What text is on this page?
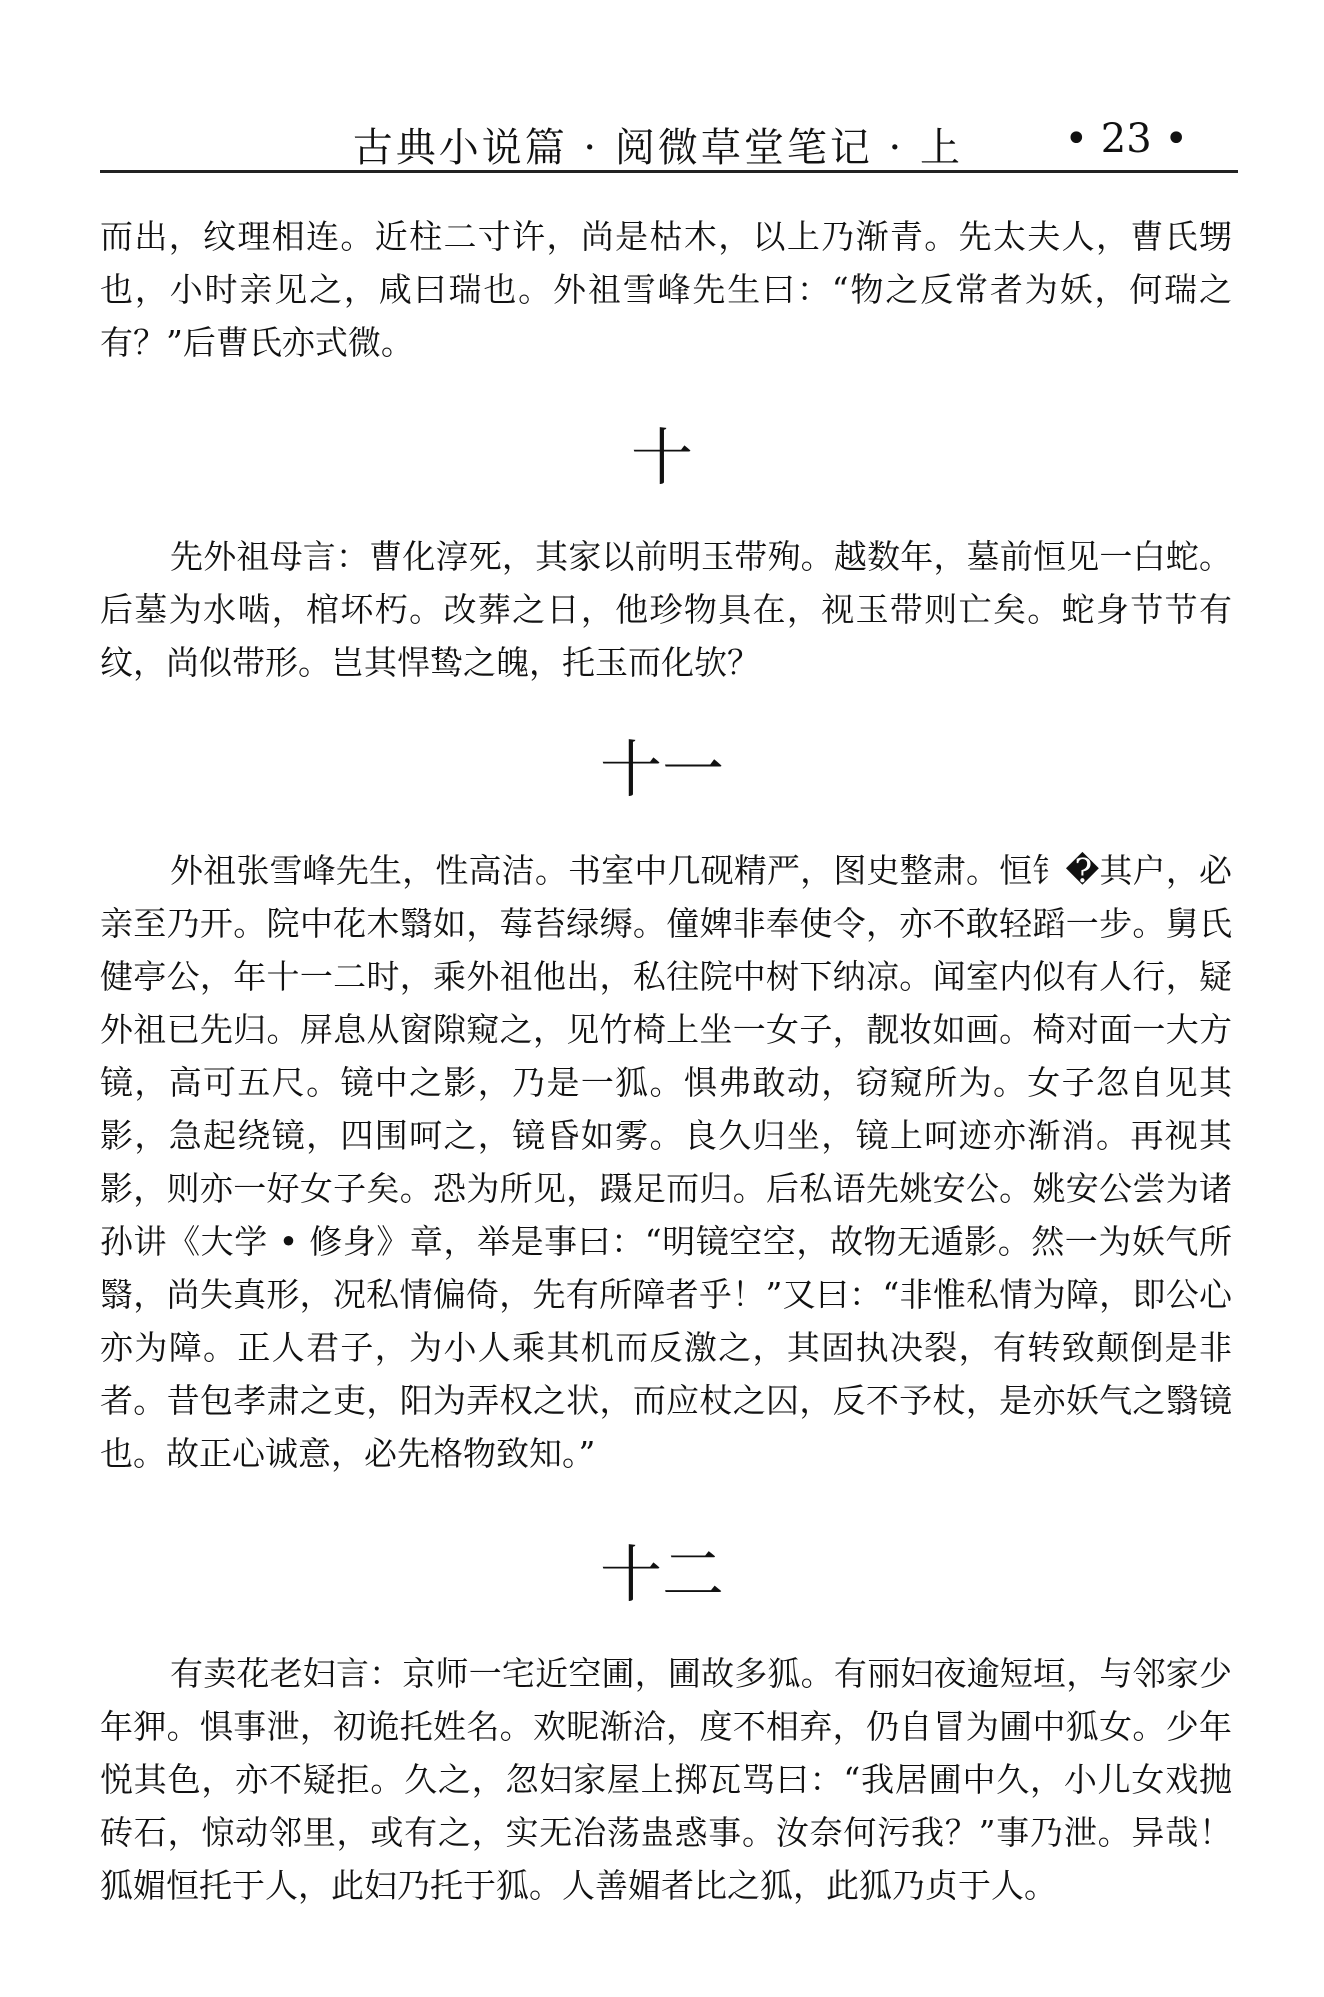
古典小说篇 · 阅微草堂笔记 · 上	• 23 •

而出，纹理相连。近柱二寸许，尚是枯木，以上乃渐青。先太夫人，曹氏甥也，小时亲见之，咸曰瑞也。外祖雪峰先生曰：“物之反常者为妖，何瑞之有？”后曹氏亦式微。

十

先外祖母言：曹化淳死，其家以前明玉带殉。越数年，墓前恒见一白蛇。后墓为水啮，棺坏朽。改葬之日，他珍物具在，视玉带则亡矣。蛇身节节有纹，尚似带形。岂其悍鸷之魄，托玉而化欤？

十一

外祖张雪峰先生，性高洁。书室中几砚精严，图史整肃。恒钅�其户，必亲至乃开。院中花木翳如，莓苔绿缛。僮婢非奉使令，亦不敢轻蹈一步。舅氏健亭公，年十一二时，乘外祖他出，私往院中树下纳凉。闻室内似有人行，疑外祖已先归。屏息从窗隙窥之，见竹椅上坐一女子，靓妆如画。椅对面一大方镜，高可五尺。镜中之影，乃是一狐。惧弗敢动，窃窥所为。女子忽自见其影，急起绕镜，四围呵之，镜昏如雾。良久归坐，镜上呵迹亦渐消。再视其影，则亦一好女子矣。恐为所见，蹑足而归。后私语先姚安公。姚安公尝为诸孙讲《大学 • 修身》章，举是事曰：“明镜空空，故物无遁影。然一为妖气所翳，尚失真形，况私情偏倚，先有所障者乎！”又曰：“非惟私情为障，即公心亦为障。正人君子，为小人乘其机而反激之，其固执决裂，有转致颠倒是非者。昔包孝肃之吏，阳为弄权之状，而应杖之囚，反不予杖，是亦妖气之翳镜也。故正心诚意，必先格物致知。”

十二

有卖花老妇言：京师一宅近空圃，圃故多狐。有丽妇夜逾短垣，与邻家少年狎。惧事泄，初诡托姓名。欢昵渐洽，度不相弃，仍自冒为圃中狐女。少年悦其色，亦不疑拒。久之，忽妇家屋上掷瓦骂曰：“我居圃中久，小儿女戏抛砖石，惊动邻里，或有之，实无冶荡蛊惑事。汝奈何污我？”事乃泄。异哉！狐媚恒托于人，此妇乃托于狐。人善媚者比之狐，此狐乃贞于人。
